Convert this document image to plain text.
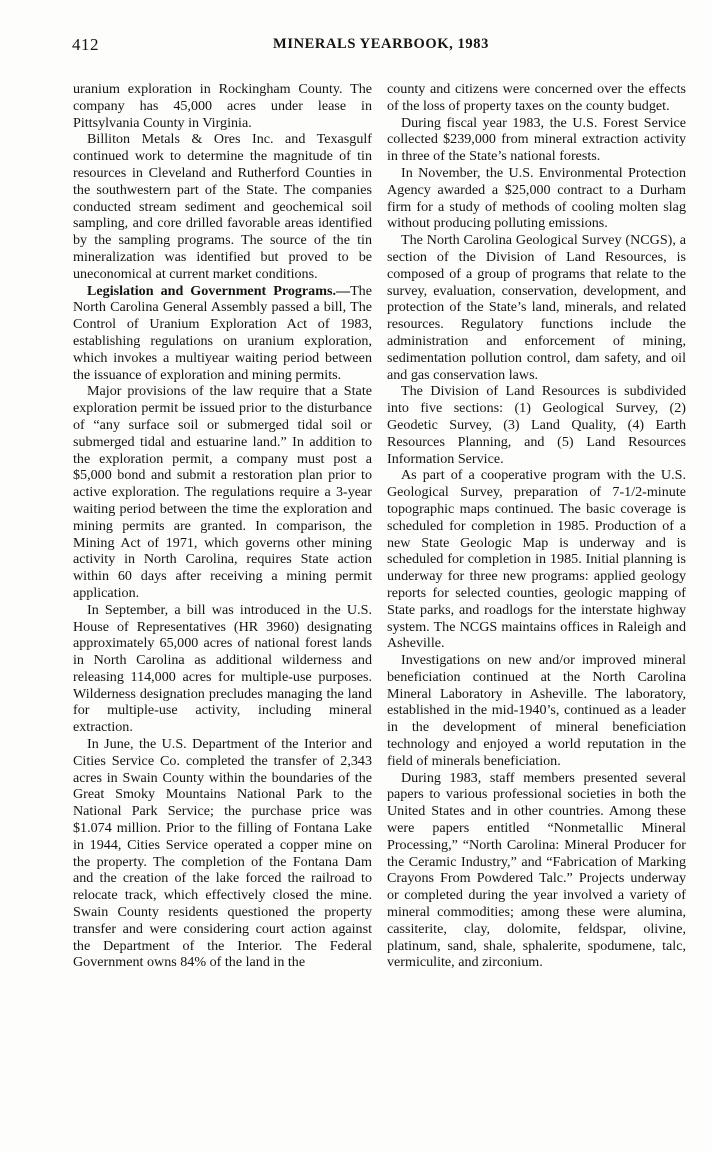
412	MINERALS YEARBOOK, 1983

uranium exploration in Rockingham County. The company has 45,000 acres under lease in Pittsylvania County in Virginia.

Billiton Metals & Ores Inc. and Texasgulf continued work to determine the magnitude of tin resources in Cleveland and Rutherford Counties in the southwestern part of the State. The companies conducted stream sediment and geochemical soil sampling, and core drilled favorable areas identified by the sampling programs. The source of the tin mineralization was identified but proved to be uneconomical at current market conditions.

Legislation and Government Programs.—The North Carolina General Assembly passed a bill, The Control of Uranium Exploration Act of 1983, establishing regulations on uranium exploration, which invokes a multiyear waiting period between the issuance of exploration and mining permits.

Major provisions of the law require that a State exploration permit be issued prior to the disturbance of “any surface soil or submerged tidal soil or submerged tidal and estuarine land.” In addition to the exploration permit, a company must post a $5,000 bond and submit a restoration plan prior to active exploration. The regulations require a 3-year waiting period between the time the exploration and mining permits are granted. In comparison, the Mining Act of 1971, which governs other mining activity in North Carolina, requires State action within 60 days after receiving a mining permit application.

In September, a bill was introduced in the U.S. House of Representatives (HR 3960) designating approximately 65,000 acres of national forest lands in North Carolina as additional wilderness and releasing 114,000 acres for multiple-use purposes. Wilderness designation precludes managing the land for multiple-use activity, including mineral extraction.

In June, the U.S. Department of the Interior and Cities Service Co. completed the transfer of 2,343 acres in Swain County within the boundaries of the Great Smoky Mountains National Park to the National Park Service; the purchase price was $1.074 million. Prior to the filling of Fontana Lake in 1944, Cities Service operated a copper mine on the property. The completion of the Fontana Dam and the creation of the lake forced the railroad to relocate track, which effectively closed the mine. Swain County residents questioned the property transfer and were considering court action against the Department of the Interior. The Federal Government owns 84% of the land in the

county and citizens were concerned over the effects of the loss of property taxes on the county budget.

During fiscal year 1983, the U.S. Forest Service collected $239,000 from mineral extraction activity in three of the State’s national forests.

In November, the U.S. Environmental Protection Agency awarded a $25,000 contract to a Durham firm for a study of methods of cooling molten slag without producing polluting emissions.

The North Carolina Geological Survey (NCGS), a section of the Division of Land Resources, is composed of a group of programs that relate to the survey, evaluation, conservation, development, and protection of the State’s land, minerals, and related resources. Regulatory functions include the administration and enforcement of mining, sedimentation pollution control, dam safety, and oil and gas conservation laws.

The Division of Land Resources is subdivided into five sections: (1) Geological Survey, (2) Geodetic Survey, (3) Land Quality, (4) Earth Resources Planning, and (5) Land Resources Information Service.

As part of a cooperative program with the U.S. Geological Survey, preparation of 7-1/2-minute topographic maps continued. The basic coverage is scheduled for completion in 1985. Production of a new State Geologic Map is underway and is scheduled for completion in 1985. Initial planning is underway for three new programs: applied geology reports for selected counties, geologic mapping of State parks, and roadlogs for the interstate highway system. The NCGS maintains offices in Raleigh and Asheville.

Investigations on new and/or improved mineral beneficiation continued at the North Carolina Mineral Laboratory in Asheville. The laboratory, established in the mid-1940’s, continued as a leader in the development of mineral beneficiation technology and enjoyed a world reputation in the field of minerals beneficiation.

During 1983, staff members presented several papers to various professional societies in both the United States and in other countries. Among these were papers entitled “Nonmetallic Mineral Processing,” “North Carolina: Mineral Producer for the Ceramic Industry,” and “Fabrication of Marking Crayons From Powdered Talc.” Projects underway or completed during the year involved a variety of mineral commodities; among these were alumina, cassiterite, clay, dolomite, feldspar, olivine, platinum, sand, shale, sphalerite, spodumene, talc, vermiculite, and zirconium.
